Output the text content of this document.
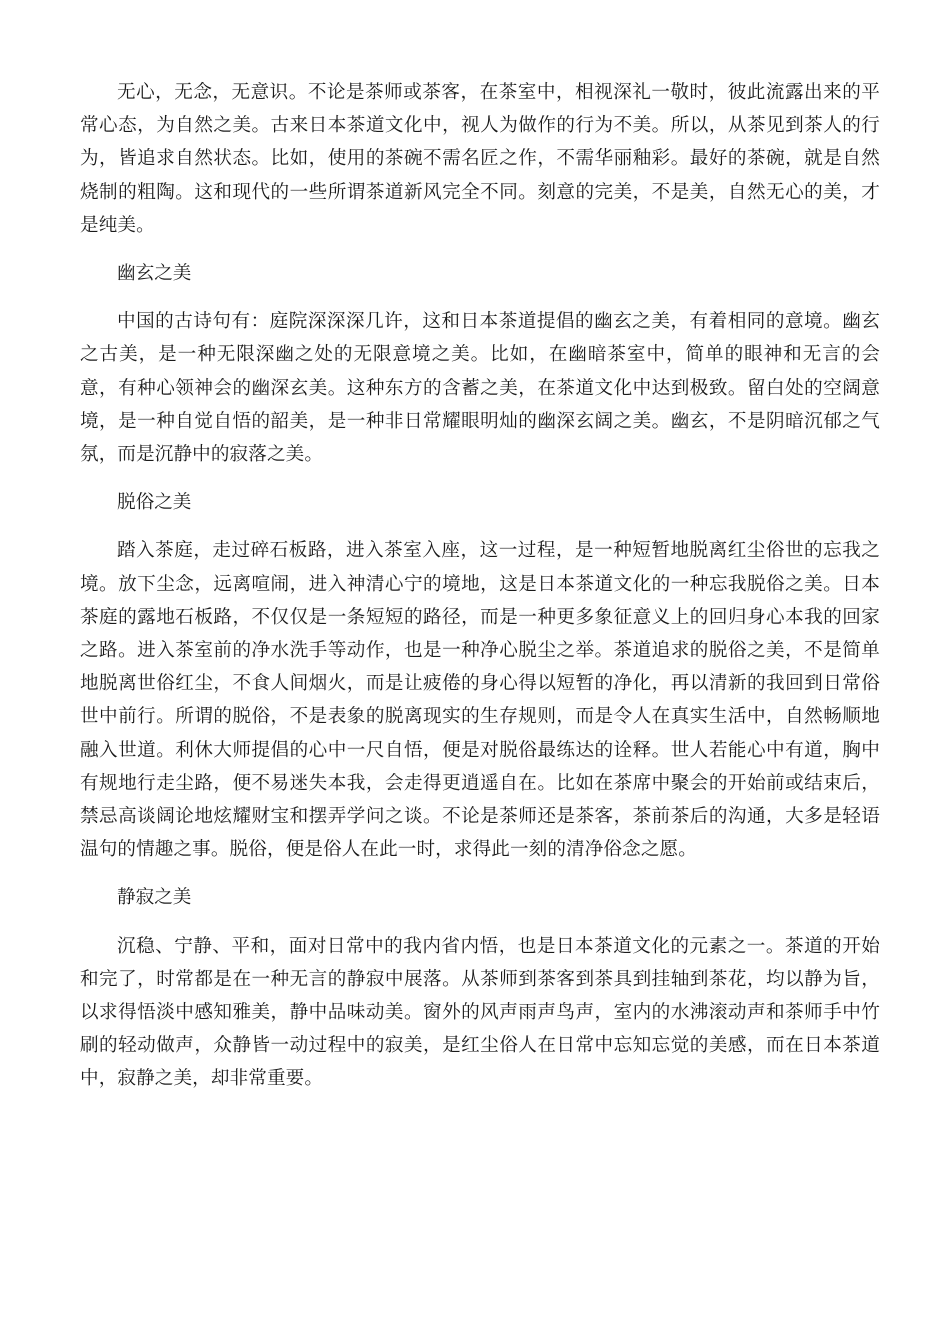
无心，无念，无意识。不论是茶师或茶客，在茶室中，相视深礼一敬时，彼此流露出来的平常心态，为自然之美。古来日本茶道文化中，视人为做作的行为不美。所以，从茶见到茶人的行为，皆追求自然状态。比如，使用的茶碗不需名匠之作，不需华丽釉彩。最好的茶碗，就是自然烧制的粗陶。这和现代的一些所谓茶道新风完全不同。刻意的完美，不是美，自然无心的美，才是纯美。

幽玄之美

中国的古诗句有：庭院深深深几许，这和日本茶道提倡的幽玄之美，有着相同的意境。幽玄之古美，是一种无限深幽之处的无限意境之美。比如，在幽暗茶室中，简单的眼神和无言的会意，有种心领神会的幽深玄美。这种东方的含蓄之美，在茶道文化中达到极致。留白处的空阔意境，是一种自觉自悟的韶美，是一种非日常耀眼明灿的幽深玄阔之美。幽玄，不是阴暗沉郁之气氛，而是沉静中的寂落之美。

脱俗之美

踏入茶庭，走过碎石板路，进入茶室入座，这一过程，是一种短暂地脱离红尘俗世的忘我之境。放下尘念，远离喧闹，进入神清心宁的境地，这是日本茶道文化的一种忘我脱俗之美。日本茶庭的露地石板路，不仅仅是一条短短的路径，而是一种更多象征意义上的回归身心本我的回家之路。进入茶室前的净水洗手等动作，也是一种净心脱尘之举。茶道追求的脱俗之美，不是简单地脱离世俗红尘，不食人间烟火，而是让疲倦的身心得以短暂的净化，再以清新的我回到日常俗世中前行。所谓的脱俗，不是表象的脱离现实的生存规则，而是令人在真实生活中，自然畅顺地融入世道。利休大师提倡的心中一尺自悟，便是对脱俗最练达的诠释。世人若能心中有道，胸中有规地行走尘路，便不易迷失本我，会走得更逍遥自在。比如在茶席中聚会的开始前或结束后，禁忌高谈阔论地炫耀财宝和摆弄学问之谈。不论是茶师还是茶客，茶前茶后的沟通，大多是轻语温句的情趣之事。脱俗，便是俗人在此一时，求得此一刻的清净俗念之愿。

静寂之美

沉稳、宁静、平和，面对日常中的我内省内悟，也是日本茶道文化的元素之一。茶道的开始和完了，时常都是在一种无言的静寂中展落。从茶师到茶客到茶具到挂轴到茶花，均以静为旨，以求得悟淡中感知雅美，静中品味动美。窗外的风声雨声鸟声，室内的水沸滚动声和茶师手中竹刷的轻动做声，众静皆一动过程中的寂美，是红尘俗人在日常中忘知忘觉的美感，而在日本茶道中，寂静之美，却非常重要。
